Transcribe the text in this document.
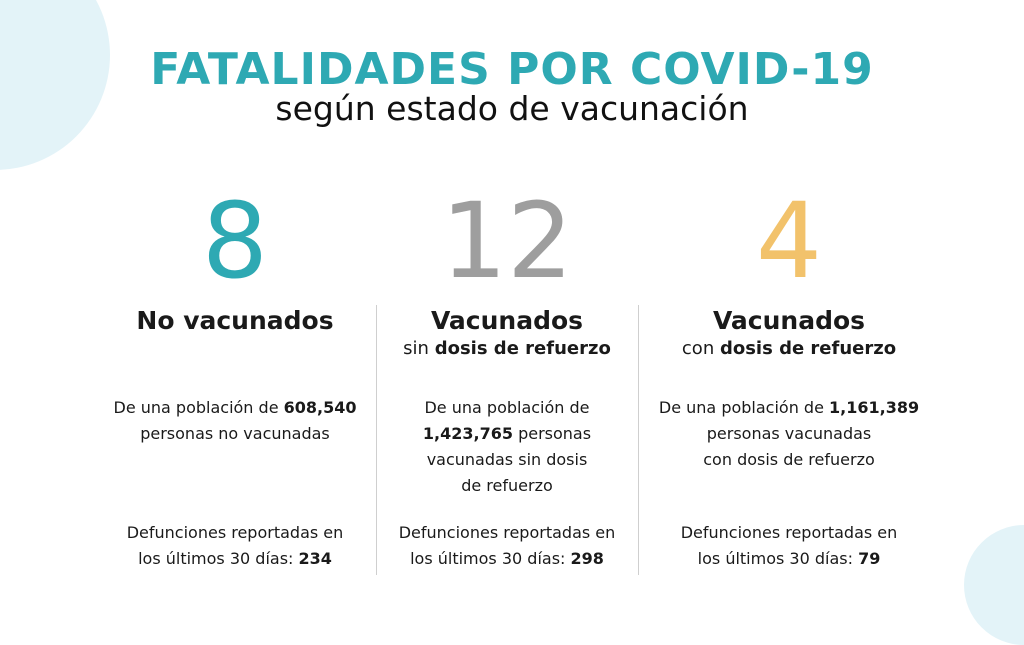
FATALIDADES POR COVID-19
según estado de vacunación
8
No vacunados
12
Vacunados
sin dosis de refuerzo
4
Vacunados
con dosis de refuerzo
De una población de 608,540
personas no vacunadas
De una población de
1,423,765 personas
vacunadas sin dosis
de refuerzo
De una población de 1,161,389
personas vacunadas
con dosis de refuerzo
Defunciones reportadas en
los últimos 30 días: 234
Defunciones reportadas en
los últimos 30 días: 298
Defunciones reportadas en
los últimos 30 días: 79
